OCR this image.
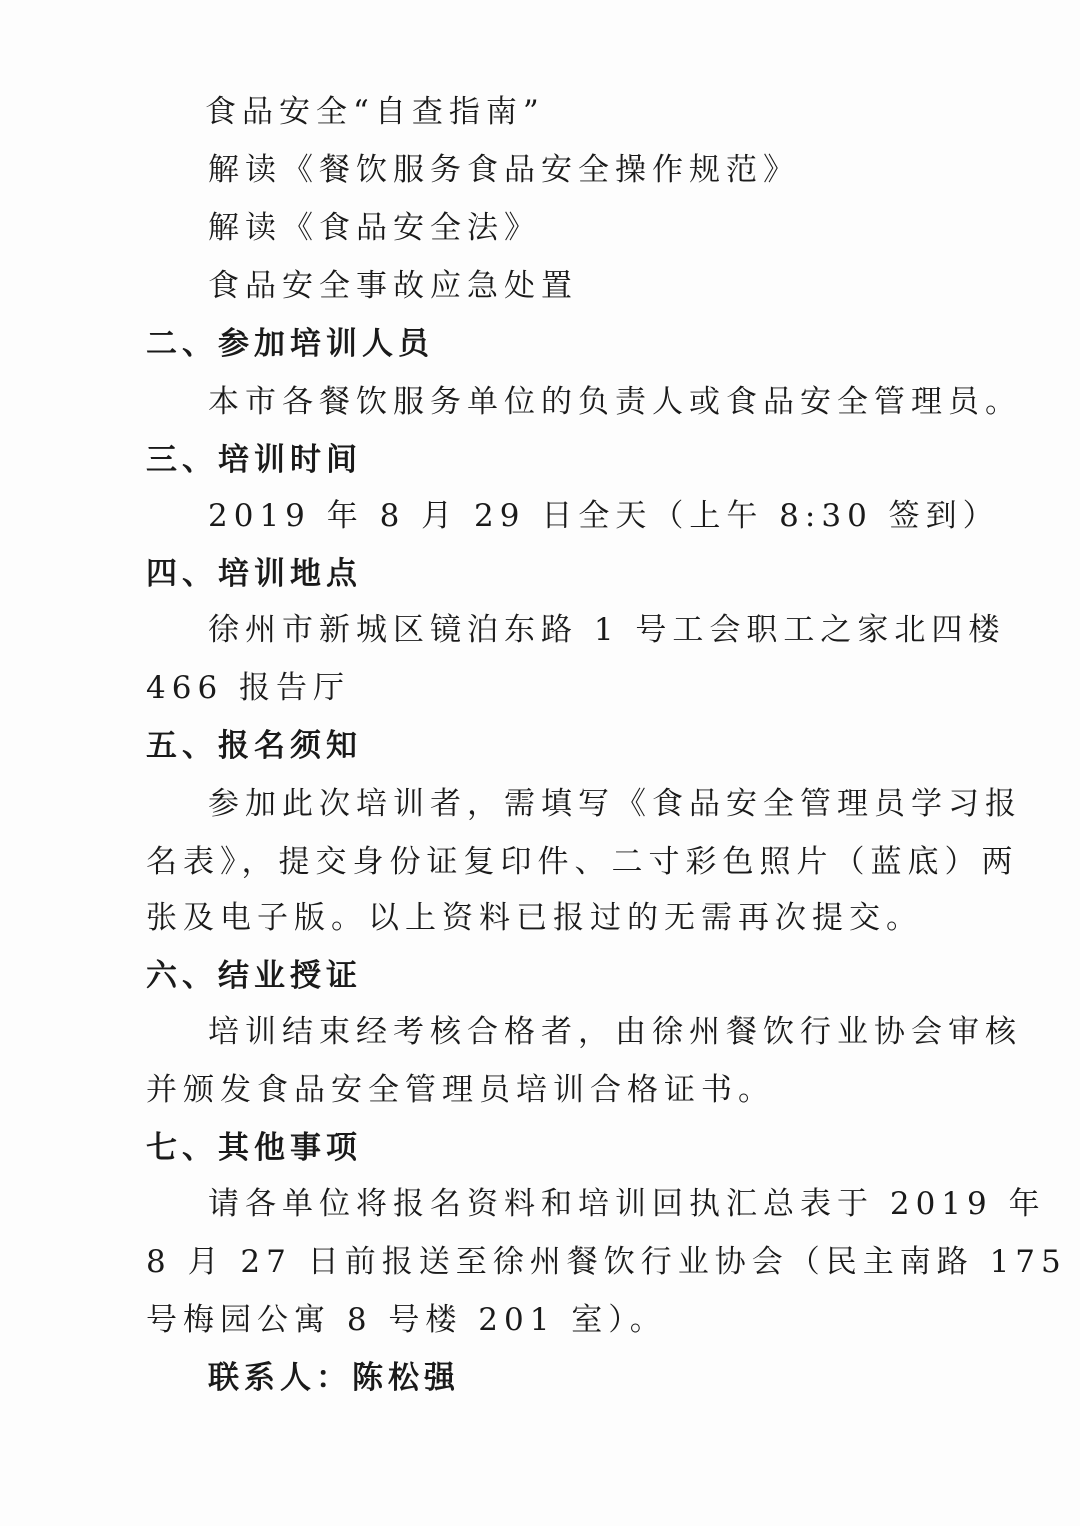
食品安全“自查指南”
解读《餐饮服务食品安全操作规范》
解读《食品安全法》
食品安全事故应急处置
二、参加培训人员
本市各餐饮服务单位的负责人或食品安全管理员。
三、培训时间
2019 年 8 月 29 日全天（上午 8:30 签到）
四、培训地点
徐州市新城区镜泊东路 1 号工会职工之家北四楼
466 报告厅
五、报名须知
参加此次培训者，需填写《食品安全管理员学习报
名表》，提交身份证复印件、二寸彩色照片（蓝底）两
张及电子版。以上资料已报过的无需再次提交。
六、结业授证
培训结束经考核合格者，由徐州餐饮行业协会审核
并颁发食品安全管理员培训合格证书。
七、其他事项
请各单位将报名资料和培训回执汇总表于 2019 年
8 月 27 日前报送至徐州餐饮行业协会（民主南路 175
号梅园公寓 8 号楼 201 室）。
联系人：陈松强
